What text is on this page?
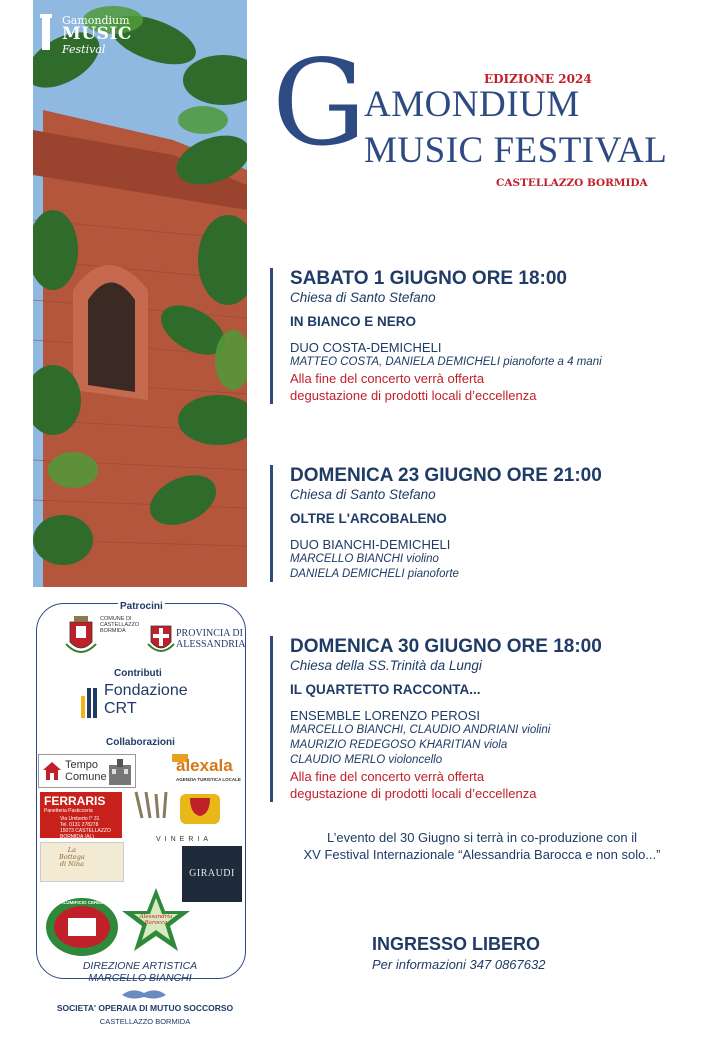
Gamondium
MUSIC
Festival G	EDIZIONE 2024
AMONDIUM
MUSIC FESTIVAL
CASTELLAZZO BORMIDA
SABATO 1 GIUGNO ORE 18:00
Chiesa di Santo Stefano
IN BIANCO E NERO
DUO COSTA-DEMICHELI
MATTEO COSTA, DANIELA DEMICHELI pianoforte a 4 mani
Alla fine del concerto verrà offerta
degustazione di prodotti locali d’eccellenza
DOMENICA 23 GIUGNO ORE 21:00
Chiesa di Santo Stefano
OLTRE L'ARCOBALENO
DUO BIANCHI-DEMICHELI
MARCELLO BIANCHI violino
DANIELA DEMICHELI pianoforte
DOMENICA 30 GIUGNO ORE 18:00
Chiesa della SS.Trinità da Lungi
IL QUARTETTO RACCONTA...
ENSEMBLE LORENZO PEROSI
MARCELLO BIANCHI, CLAUDIO ANDRIANI violini
MAURIZIO REDEGOSO KHARITIAN viola
CLAUDIO MERLO violoncello
Alla fine del concerto verrà offerta
degustazione di prodotti locali d’eccellenza
L’evento del 30 Giugno si terrà in co-produzione con il
XV Festival Internazionale “Alessandria Barocca e non solo...”
INGRESSO LIBERO
Per informazioni 347 0867632
Patrocini
COMUNE DI
CASTELLAZZO
BORMIDA	PROVINCIA DI
ALESSANDRIA
Contributi
Fondazione
CRT
Collaborazioni
Tempo
Comune
alexala
AGENZIA TURISTICA LOCALE
FERRARIS
Panetteria Pasticceria
Via Umberto I° 31
Tel. 0131 278278
15073 CASTELLAZZO BORMIDA (AL)	VINERIA
La
Bottega
di Nina
GIRAUDI
SALUMIFICIO CEREDA
Alessandria Barocca
DIREZIONE ARTISTICA
MARCELLO BIANCHI
SOCIETA' OPERAIA DI MUTUO SOCCORSO
CASTELLAZZO BORMIDA
